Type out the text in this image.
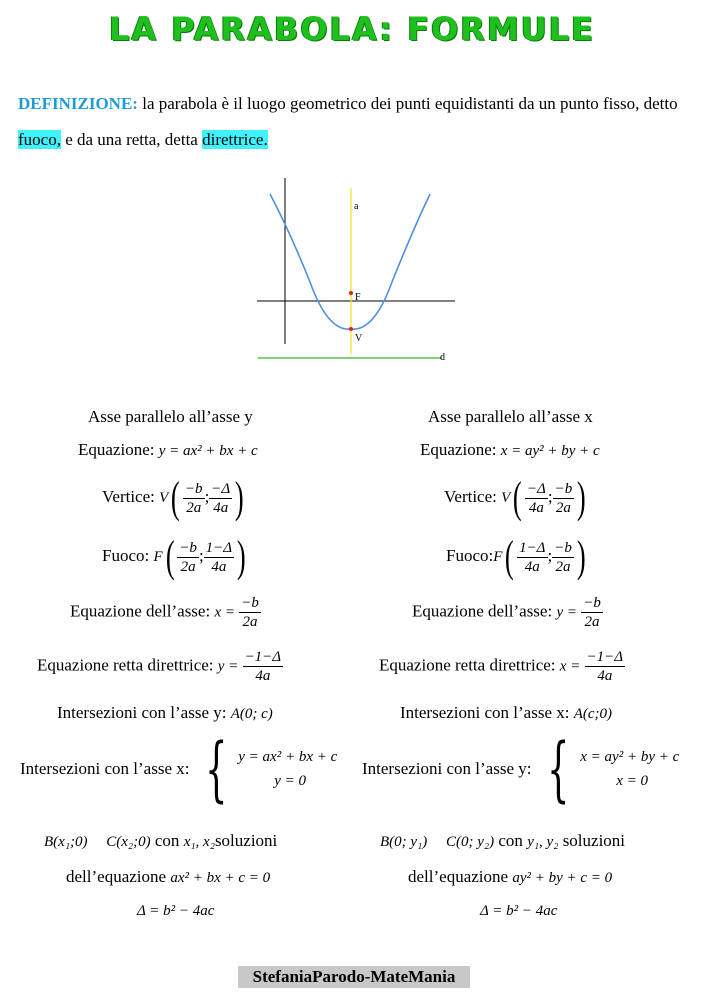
LA PARABOLA: FORMULE
DEFINIZIONE: la parabola è il luogo geometrico dei punti equidistanti da un punto fisso, detto fuoco, e da una retta, detta direttrice.
a
F
V
d
Asse parallelo all’asse y
Equazione: y = ax² + bx + c
Vertice: $V( \frac{-b}{2a}$ ; $\frac{-\Delta}{4a}$ )
Fuoco: $F( \frac{-b}{2a}$ ; $\frac{1-\Delta}{4a}$ )
Equazione dell’asse: $x = \frac{-b}{2a}$
Equazione retta direttrice: $y = \frac{-1-\Delta}{4a}$
Intersezioni con l’asse y: A(0; c)
Intersezioni con l’asse x: { y = ax² + bx + c
y = 0
B(x₁;0)     C(x₂;0) con x₁, x₂soluzioni
dell’equazione ax² + bx + c = 0
Δ = b² − 4ac
Asse parallelo all’asse x
Equazione: x = ay² + by + c
Vertice: $V( \frac{-\Delta}{4a}$ ; $\frac{-b}{2a}$ )
Fuoco:F( $\frac{1-\Delta}{4a}$ ; $\frac{-b}{2a}$ )
Equazione dell’asse: $y = \frac{-b}{2a}$
Equazione retta direttrice: $x = \frac{-1-\Delta}{4a}$
Intersezioni con l’asse x: A(c;0)
Intersezioni con l’asse y: { x = ay² + by + c
x = 0
B(0; y₁)     C(0; y₂) con y₁, y₂ soluzioni
dell’equazione ay² + by + c = 0
Δ = b² − 4ac
StefaniaParodo-MateMania
